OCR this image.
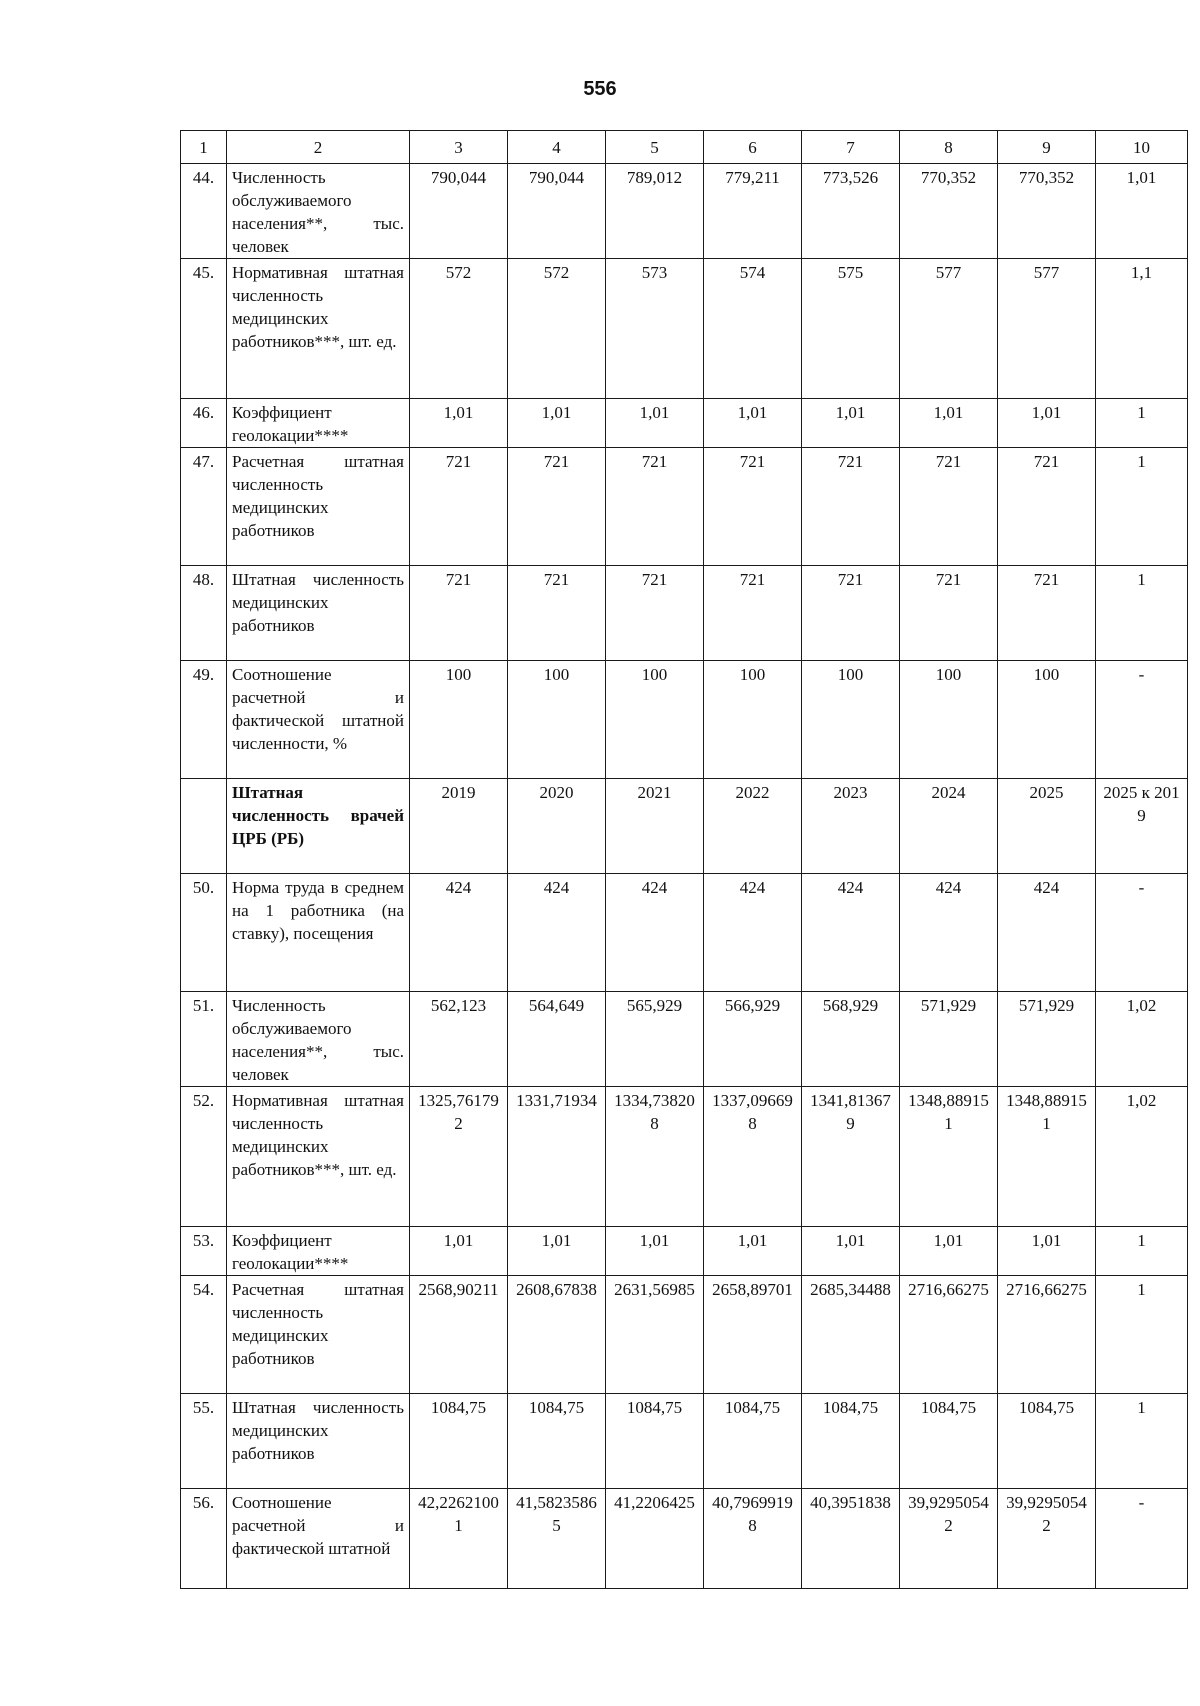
556
1	2	3	4	5	6	7	8	9	10
44.	Численность обслуживаемого населения**, тыс. человек	790,044	790,044	789,012	779,211	773,526	770,352	770,352	1,01
45.	Нормативная штатная численность медицинских работников***, шт. ед.	572	572	573	574	575	577	577	1,1
46.	Коэффициент геолокации****	1,01	1,01	1,01	1,01	1,01	1,01	1,01	1
47.	Расчетная штатная численность медицинских работников	721	721	721	721	721	721	721	1
48.	Штатная численность медицинских работников	721	721	721	721	721	721	721	1
49.	Соотношение расчетной и фактической штатной численности, %	100	100	100	100	100	100	100	-
	Штатная численность врачей ЦРБ (РБ)	2019	2020	2021	2022	2023	2024	2025	2025 к 2019
50.	Норма труда в среднем на 1 работника (на ставку), посещения	424	424	424	424	424	424	424	-
51.	Численность обслуживаемого населения**, тыс. человек	562,123	564,649	565,929	566,929	568,929	571,929	571,929	1,02
52.	Нормативная штатная численность медицинских работников***, шт. ед.	1325,761792	1331,71934	1334,738208	1337,096698	1341,813679	1348,889151	1348,889151	1,02
53.	Коэффициент геолокации****	1,01	1,01	1,01	1,01	1,01	1,01	1,01	1
54.	Расчетная штатная численность медицинских работников	2568,90211	2608,67838	2631,56985	2658,89701	2685,34488	2716,66275	2716,66275	1
55.	Штатная численность медицинских работников	1084,75	1084,75	1084,75	1084,75	1084,75	1084,75	1084,75	1
56.	Соотношение расчетной и фактической штатной	42,22621001	41,58235865	41,2206425	40,79699198	40,3951838	39,92950542	39,92950542	-
